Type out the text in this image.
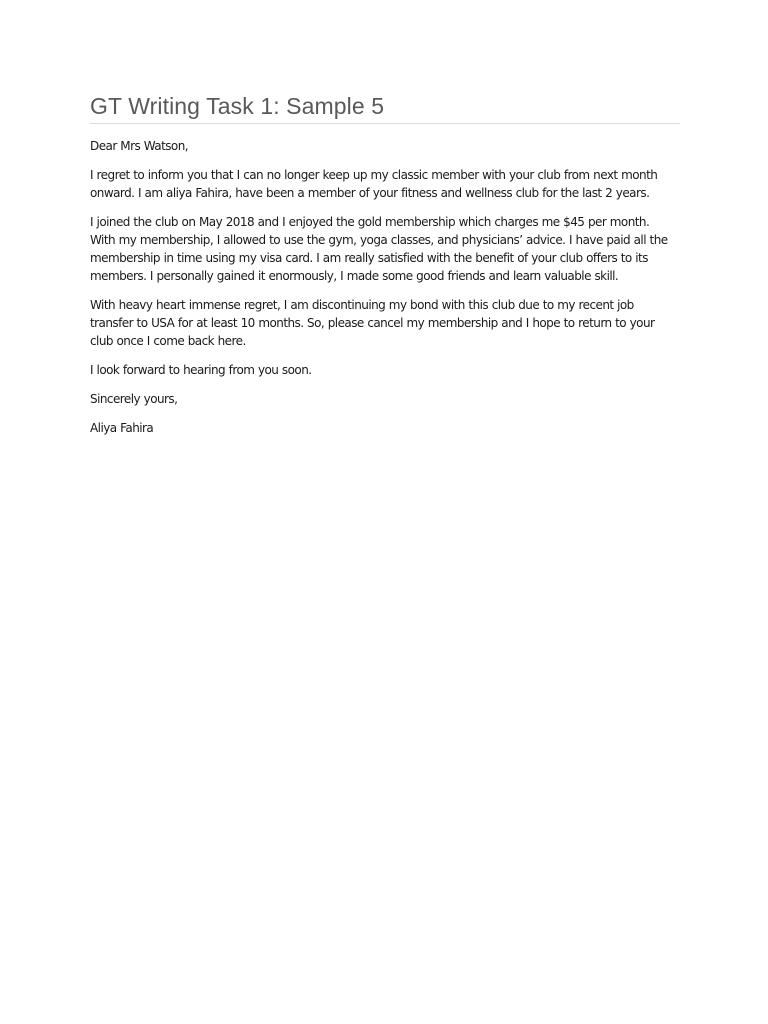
GT Writing Task 1: Sample 5

Dear Mrs Watson,

I regret to inform you that I can no longer keep up my classic member with your club from next month
onward. I am aliya Fahira, have been a member of your fitness and wellness club for the last 2 years.

I joined the club on May 2018 and I enjoyed the gold membership which charges me $45 per month.
With my membership, I allowed to use the gym, yoga classes, and physicians’ advice. I have paid all the
membership in time using my visa card. I am really satisfied with the benefit of your club offers to its
members. I personally gained it enormously, I made some good friends and learn valuable skill.

With heavy heart immense regret, I am discontinuing my bond with this club due to my recent job
transfer to USA for at least 10 months. So, please cancel my membership and I hope to return to your
club once I come back here.

I look forward to hearing from you soon.

Sincerely yours,

Aliya Fahira
